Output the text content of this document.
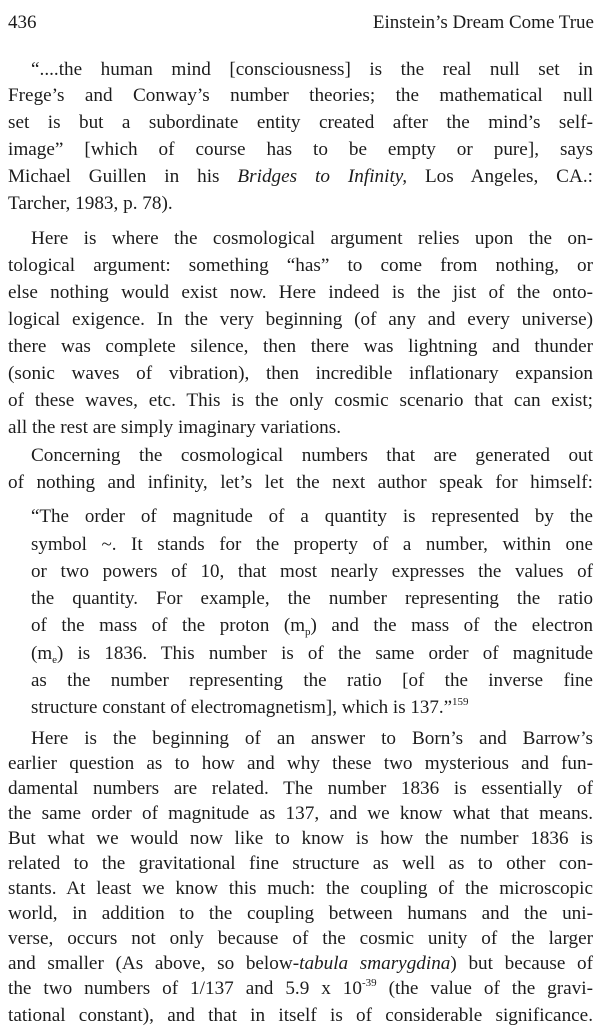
436	Einstein’s Dream Come True
“....the human mind [consciousness] is the real null set in
Frege’s and Conway’s number theories; the mathematical null
set is but a subordinate entity created after the mind’s self-
image” [which of course has to be empty or pure], says
Michael Guillen in his Bridges to Infinity, Los Angeles, CA.:
Tarcher, 1983, p. 78).
Here is where the cosmological argument relies upon the on-
tological argument: something “has” to come from nothing, or
else nothing would exist now. Here indeed is the jist of the onto-
logical exigence. In the very beginning (of any and every universe)
there was complete silence, then there was lightning and thunder
(sonic waves of vibration), then incredible inflationary expansion
of these waves, etc. This is the only cosmic scenario that can exist;
all the rest are simply imaginary variations.
Concerning the cosmological numbers that are generated out
of nothing and infinity, let’s let the next author speak for himself:
“The order of magnitude of a quantity is represented by the
symbol ~. It stands for the property of a number, within one
or two powers of 10, that most nearly expresses the values of
the quantity. For example, the number representing the ratio
of the mass of the proton $(m_p)$ and the mass of the electron
$(m_e)$ is 1836. This number is of the same order of magnitude
as the number representing the ratio [of the inverse fine
structure constant of electromagnetism], which is 137.”$^{159}$
Here is the beginning of an answer to Born’s and Barrow’s
earlier question as to how and why these two mysterious and fun-
damental numbers are related. The number 1836 is essentially of
the same order of magnitude as 137, and we know what that means.
But what we would now like to know is how the number 1836 is
related to the gravitational fine structure as well as to other con-
stants. At least we know this much: the coupling of the microscopic
world, in addition to the coupling between humans and the uni-
verse, occurs not only because of the cosmic unity of the larger
and smaller (As above, so below-tabula smarygdina) but because of
the two numbers of 1/137 and 5.9 x $10^{-39}$ (the value of the gravi-
tational constant), and that in itself is of considerable significance.
